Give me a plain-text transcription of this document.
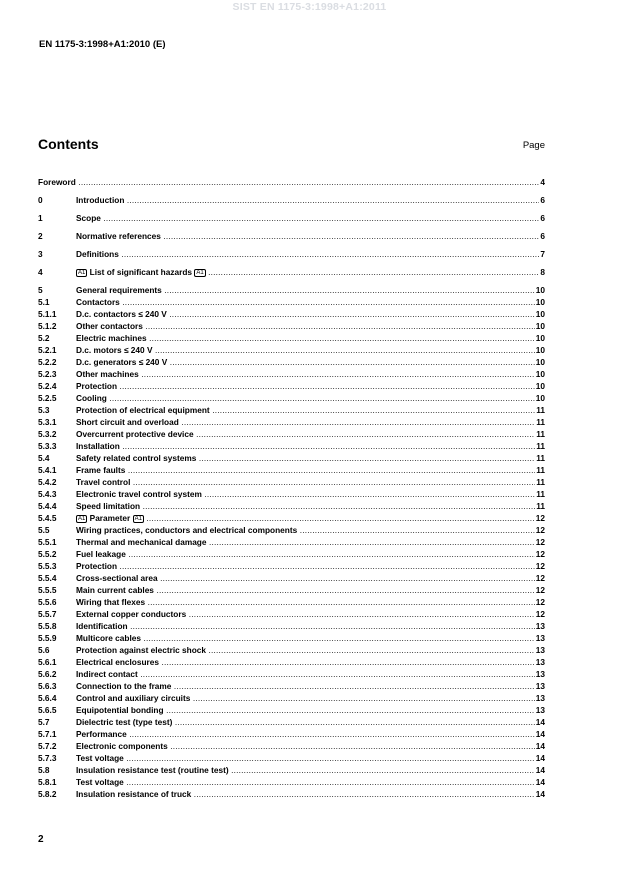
SIST EN 1175-3:1998+A1:2011
EN 1175-3:1998+A1:2010 (E)
Contents	Page
Foreword .....	4
0	Introduction .....	6
1	Scope .....	6
2	Normative references .....	6
3	Definitions .....	7
4	A1 List of significant hazards A1 .....	8
5	General requirements .....	10
5.1	Contactors .....	10
5.1.1 D.c. contactors ≤ 240 V .....	10
5.1.2 Other contactors .....	10
5.2	Electric machines .....	10
5.2.1 D.c. motors ≤ 240 V .....	10
5.2.2 D.c. generators ≤ 240 V .....	10
5.2.3 Other machines .....	10
5.2.4 Protection .....	10
5.2.5 Cooling .....	10
5.3	Protection of electrical equipment .....	11
5.3.1 Short circuit and overload .....	11
5.3.2 Overcurrent protective device .....	11
5.3.3 Installation .....	11
5.4	Safety related control systems .....	11
5.4.1 Frame faults .....	11
5.4.2 Travel control .....	11
5.4.3 Electronic travel control system .....	11
5.4.4 Speed limitation .....	11
5.4.5	A1 Parameter A1 .....	12
5.5	Wiring practices, conductors and electrical components .....	12
5.5.1 Thermal and mechanical damage .....	12
5.5.2 Fuel leakage .....	12
5.5.3 Protection .....	12
5.5.4 Cross-sectional area .....	12
5.5.5 Main current cables .....	12
5.5.6 Wiring that flexes .....	12
5.5.7 External copper conductors .....	12
5.5.8 Identification .....	13
5.5.9 Multicore cables .....	13
5.6	Protection against electric shock .....	13
5.6.1 Electrical enclosures .....	13
5.6.2 Indirect contact .....	13
5.6.3 Connection to the frame .....	13
5.6.4 Control and auxiliary circuits .....	13
5.6.5 Equipotential bonding .....	13
5.7	Dielectric test (type test) .....	14
5.7.1 Performance .....	14
5.7.2 Electronic components .....	14
5.7.3 Test voltage .....	14
5.8	Insulation resistance test (routine test) .....	14
5.8.1 Test voltage .....	14
5.8.2 Insulation resistance of truck .....	14
2
